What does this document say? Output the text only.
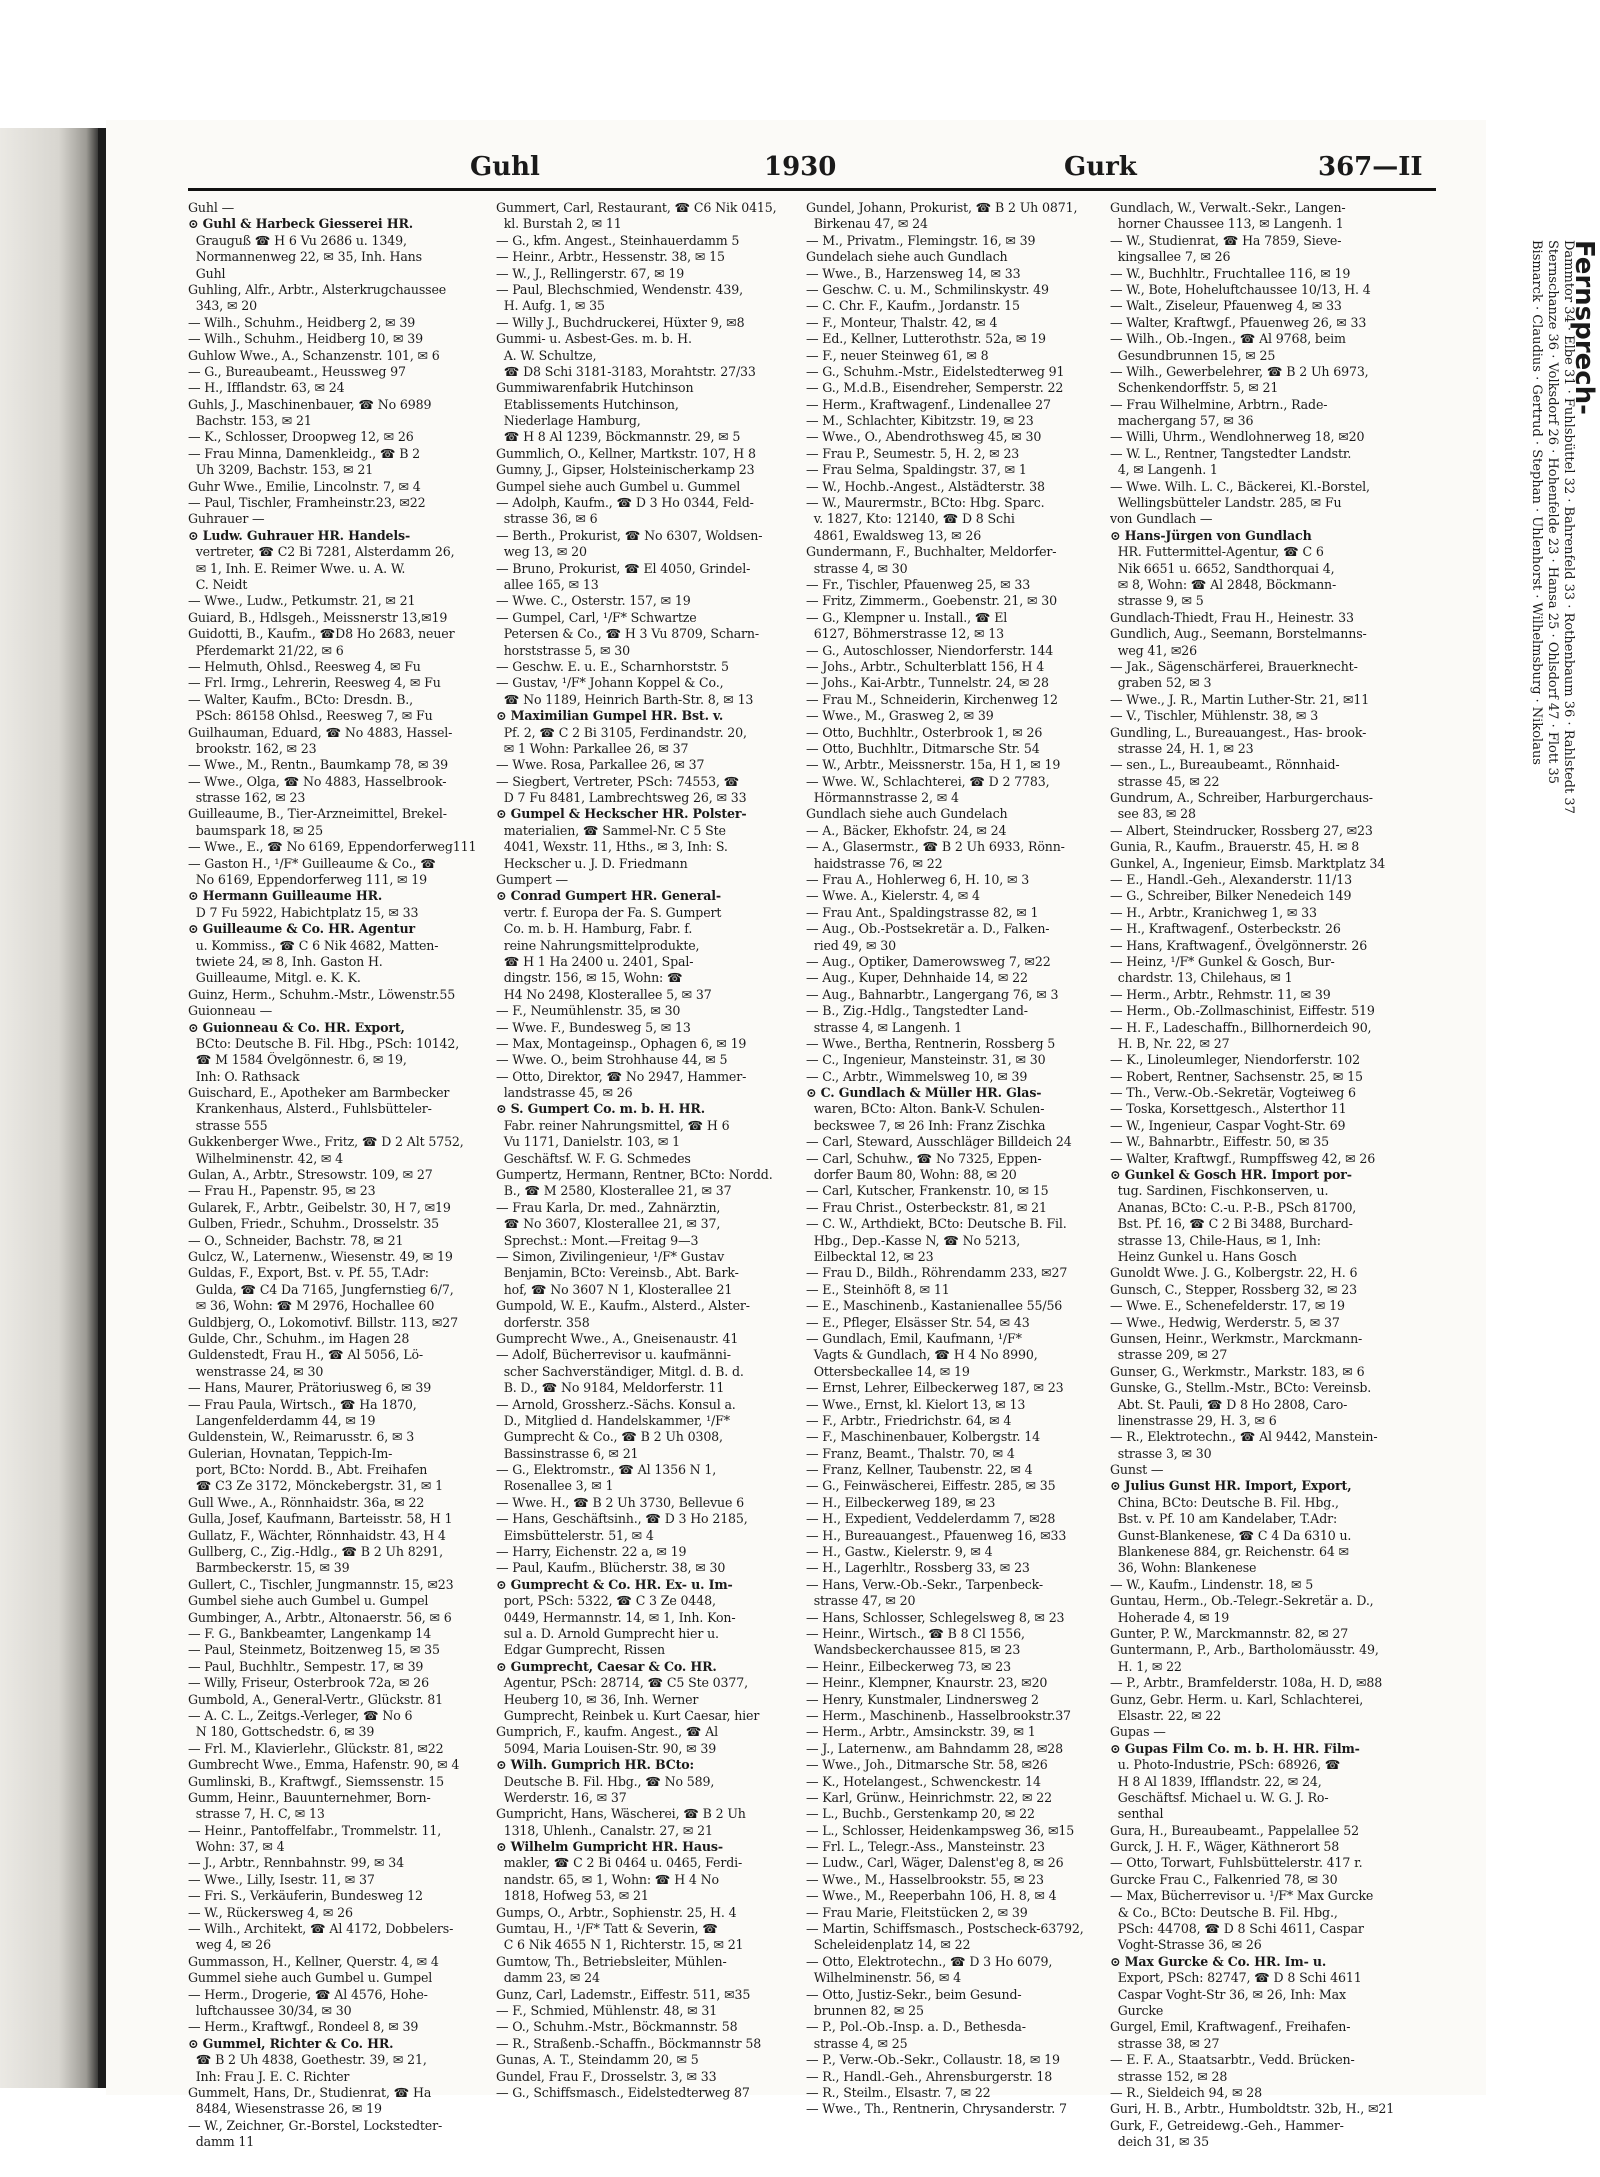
Guhl	1930	Gurk	367—II
Guhl —
⊙ Guhl & Harbeck Giesserei HR.
Grauguß ☎ H 6 Vu 2686 u. 1349,
Normannenweg 22, ✉ 35, Inh. Hans
Guhl
Guhling, Alfr., Arbtr., Alsterkrugchaussee
343, ✉ 20
— Wilh., Schuhm., Heidberg 2, ✉ 39
— Wilh., Schuhm., Heidberg 10, ✉ 39
Guhlow Wwe., A., Schanzenstr. 101, ✉ 6
— G., Bureaubeamt., Heussweg 97
— H., Ifflandstr. 63, ✉ 24
Guhls, J., Maschinenbauer, ☎ No 6989
Bachstr. 153, ✉ 21
— K., Schlosser, Droopweg 12, ✉ 26
— Frau Minna, Damenkleidg., ☎ B 2
Uh 3209, Bachstr. 153, ✉ 21
Guhr Wwe., Emilie, Lincolnstr. 7, ✉ 4
— Paul, Tischler, Framheinstr.23, ✉22
Guhrauer —
⊙ Ludw. Guhrauer HR. Handels-
vertreter, ☎ C2 Bi 7281, Alsterdamm 26,
✉ 1, Inh. E. Reimer Wwe. u. A. W.
C. Neidt
— Wwe., Ludw., Petkumstr. 21, ✉ 21
Guiard, B., Hdlsgeh., Meissnerstr 13,✉19
Guidotti, B., Kaufm., ☎D8 Ho 2683, neuer
Pferdemarkt 21/22, ✉ 6
— Helmuth, Ohlsd., Reesweg 4, ✉ Fu
— Frl. Irmg., Lehrerin, Reesweg 4, ✉ Fu
— Walter, Kaufm., BCto: Dresdn. B.,
PSch: 86158 Ohlsd., Reesweg 7, ✉ Fu
Guilhauman, Eduard, ☎ No 4883, Hassel-
brookstr. 162, ✉ 23
— Wwe., M., Rentn., Baumkamp 78, ✉ 39
— Wwe., Olga, ☎ No 4883, Hasselbrook-
strasse 162, ✉ 23
Guilleaume, B., Tier-Arzneimittel, Brekel-
baumspark 18, ✉ 25
— Wwe., E., ☎ No 6169, Eppendorferweg111
— Gaston H., ¹/F* Guilleaume & Co., ☎
No 6169, Eppendorferweg 111, ✉ 19
⊙ Hermann Guilleaume HR.
D 7 Fu 5922, Habichtplatz 15, ✉ 33
⊙ Guilleaume & Co. HR. Agentur
u. Kommiss., ☎ C 6 Nik 4682, Matten-
twiete 24, ✉ 8, Inh. Gaston H.
Guilleaume, Mitgl. e. K. K.
Guinz, Herm., Schuhm.-Mstr., Löwenstr.55
Guionneau —
⊙ Guionneau & Co. HR. Export,
BCto: Deutsche B. Fil. Hbg., PSch: 10142,
☎ M 1584 Övelgönnestr. 6, ✉ 19,
Inh: O. Rathsack
Guischard, E., Apotheker am Barmbecker
Krankenhaus, Alsterd., Fuhlsbütteler-
strasse 555
Gukkenberger Wwe., Fritz, ☎ D 2 Alt 5752,
Wilhelminenstr. 42, ✉ 4
Gulan, A., Arbtr., Stresowstr. 109, ✉ 27
— Frau H., Papenstr. 95, ✉ 23
Gularek, F., Arbtr., Geibelstr. 30, H 7, ✉19
Gulben, Friedr., Schuhm., Drosselstr. 35
— O., Schneider, Bachstr. 78, ✉ 21
Gulcz, W., Laternenw., Wiesenstr. 49, ✉ 19
Guldas, F., Export, Bst. v. Pf. 55, T.Adr:
Gulda, ☎ C4 Da 7165, Jungfernstieg 6/7,
✉ 36, Wohn: ☎ M 2976, Hochallee 60
Guldbjerg, O., Lokomotivf. Billstr. 113, ✉27
Gulde, Chr., Schuhm., im Hagen 28
Guldenstedt, Frau H., ☎ Al 5056, Lö-
wenstrasse 24, ✉ 30
— Hans, Maurer, Prätoriusweg 6, ✉ 39
— Frau Paula, Wirtsch., ☎ Ha 1870,
Langenfelderdamm 44, ✉ 19
Guldenstein, W., Reimarusstr. 6, ✉ 3
Gulerian, Hovnatan, Teppich-Im-
port, BCto: Nordd. B., Abt. Freihafen
☎ C3 Ze 3172, Mönckebergstr. 31, ✉ 1
Gull Wwe., A., Rönnhaidstr. 36a, ✉ 22
Gulla, Josef, Kaufmann, Barteisstr. 58, H 1
Gullatz, F., Wächter, Rönnhaidstr. 43, H 4
Gullberg, C., Zig.-Hdlg., ☎ B 2 Uh 8291,
Barmbeckerstr. 15, ✉ 39
Gullert, C., Tischler, Jungmannstr. 15, ✉23
Gumbel siehe auch Gumbel u. Gumpel
Gumbinger, A., Arbtr., Altonaerstr. 56, ✉ 6
— F. G., Bankbeamter, Langenkamp 14
— Paul, Steinmetz, Boitzenweg 15, ✉ 35
— Paul, Buchhltr., Sempestr. 17, ✉ 39
— Willy, Friseur, Osterbrook 72a, ✉ 26
Gumbold, A., General-Vertr., Glückstr. 81
— A. C. L., Zeitgs.-Verleger, ☎ No 6
N 180, Gottschedstr. 6, ✉ 39
— Frl. M., Klavierlehr., Glückstr. 81, ✉22
Gumbrecht Wwe., Emma, Hafenstr. 90, ✉ 4
Gumlinski, B., Kraftwgf., Siemssenstr. 15
Gumm, Heinr., Bauunternehmer, Born-
strasse 7, H. C, ✉ 13
— Heinr., Pantoffelfabr., Trommelstr. 11,
Wohn: 37, ✉ 4
— J., Arbtr., Rennbahnstr. 99, ✉ 34
— Wwe., Lilly, Isestr. 11, ✉ 37
— Fri. S., Verkäuferin, Bundesweg 12
— W., Rückersweg 4, ✉ 26
— Wilh., Architekt, ☎ Al 4172, Dobbelers-
weg 4, ✉ 26
Gummasson, H., Kellner, Querstr. 4, ✉ 4
Gummel siehe auch Gumbel u. Gumpel
— Herm., Drogerie, ☎ Al 4576, Hohe-
luftchaussee 30/34, ✉ 30
— Herm., Kraftwgf., Rondeel 8, ✉ 39
⊙ Gummel, Richter & Co. HR.
☎ B 2 Uh 4838, Goethestr. 39, ✉ 21,
Inh: Frau J. E. C. Richter
Gummelt, Hans, Dr., Studienrat, ☎ Ha
8484, Wiesenstrasse 26, ✉ 19
— W., Zeichner, Gr.-Borstel, Lockstedter-
damm 11
Gummert, Carl, Restaurant, ☎ C6 Nik 0415,
kl. Burstah 2, ✉ 11
— G., kfm. Angest., Steinhauerdamm 5
— Heinr., Arbtr., Hessenstr. 38, ✉ 15
— W., J., Rellingerstr. 67, ✉ 19
— Paul, Blechschmied, Wendenstr. 439,
H. Aufg. 1, ✉ 35
— Willy J., Buchdruckerei, Hüxter 9, ✉8
Gummi- u. Asbest-Ges. m. b. H.
A. W. Schultze,
☎ D8 Schi 3181-3183, Morahtstr. 27/33
Gummiwarenfabrik Hutchinson
Etablissements Hutchinson,
Niederlage Hamburg,
☎ H 8 Al 1239, Böckmannstr. 29, ✉ 5
Gummlich, O., Kellner, Martkstr. 107, H 8
Gumny, J., Gipser, Holsteinischerkamp 23
Gumpel siehe auch Gumbel u. Gummel
— Adolph, Kaufm., ☎ D 3 Ho 0344, Feld-
strasse 36, ✉ 6
— Berth., Prokurist, ☎ No 6307, Woldsen-
weg 13, ✉ 20
— Bruno, Prokurist, ☎ El 4050, Grindel-
allee 165, ✉ 13
— Wwe. C., Osterstr. 157, ✉ 19
— Gumpel, Carl, ¹/F* Schwartze
Petersen & Co., ☎ H 3 Vu 8709, Scharn-
horststrasse 5, ✉ 30
— Geschw. E. u. E., Scharnhorststr. 5
— Gustav, ¹/F* Johann Koppel & Co.,
☎ No 1189, Heinrich Barth-Str. 8, ✉ 13
⊙ Maximilian Gumpel HR. Bst. v.
Pf. 2, ☎ C 2 Bi 3105, Ferdinandstr. 20,
✉ 1 Wohn: Parkallee 26, ✉ 37
— Wwe. Rosa, Parkallee 26, ✉ 37
— Siegbert, Vertreter, PSch: 74553, ☎
D 7 Fu 8481, Lambrechtsweg 26, ✉ 33
⊙ Gumpel & Heckscher HR. Polster-
materialien, ☎ Sammel-Nr. C 5 Ste
4041, Wexstr. 11, Hths., ✉ 3, Inh: S.
Heckscher u. J. D. Friedmann
Gumpert —
⊙ Conrad Gumpert HR. General-
vertr. f. Europa der Fa. S. Gumpert
Co. m. b. H. Hamburg, Fabr. f.
reine Nahrungsmittelprodukte,
☎ H 1 Ha 2400 u. 2401, Spal-
dingstr. 156, ✉ 15, Wohn: ☎
H4 No 2498, Klosterallee 5, ✉ 37
— F., Neumühlenstr. 35, ✉ 30
— Wwe. F., Bundesweg 5, ✉ 13
— Max, Montageinsp., Ophagen 6, ✉ 19
— Wwe. O., beim Strohhause 44, ✉ 5
— Otto, Direktor, ☎ No 2947, Hammer-
landstrasse 45, ✉ 26
⊙ S. Gumpert Co. m. b. H. HR.
Fabr. reiner Nahrungsmittel, ☎ H 6
Vu 1171, Danielstr. 103, ✉ 1
Geschäftsf. W. F. G. Schmedes
Gumpertz, Hermann, Rentner, BCto: Nordd.
B., ☎ M 2580, Klosterallee 21, ✉ 37
— Frau Karla, Dr. med., Zahnärztin,
☎ No 3607, Klosterallee 21, ✉ 37,
Sprechst.: Mont.—Freitag 9—3
— Simon, Zivilingenieur, ¹/F* Gustav
Benjamin, BCto: Vereinsb., Abt. Bark-
hof, ☎ No 3607 N 1, Klosterallee 21
Gumpold, W. E., Kaufm., Alsterd., Alster-
dorferstr. 358
Gumprecht Wwe., A., Gneisenaustr. 41
— Adolf, Bücherrevisor u. kaufmänni-
scher Sachverständiger, Mitgl. d. B. d.
B. D., ☎ No 9184, Meldorferstr. 11
— Arnold, Grossherz.-Sächs. Konsul a.
D., Mitglied d. Handelskammer, ¹/F*
Gumprecht & Co., ☎ B 2 Uh 0308,
Bassinstrasse 6, ✉ 21
— G., Elektromstr., ☎ Al 1356 N 1,
Rosenallee 3, ✉ 1
— Wwe. H., ☎ B 2 Uh 3730, Bellevue 6
— Hans, Geschäftsinh., ☎ D 3 Ho 2185,
Eimsbüttelerstr. 51, ✉ 4
— Harry, Eichenstr. 22 a, ✉ 19
— Paul, Kaufm., Blücherstr. 38, ✉ 30
⊙ Gumprecht & Co. HR. Ex- u. Im-
port, PSch: 5322, ☎ C 3 Ze 0448,
0449, Hermannstr. 14, ✉ 1, Inh. Kon-
sul a. D. Arnold Gumprecht hier u.
Edgar Gumprecht, Rissen
⊙ Gumprecht, Caesar & Co. HR.
Agentur, PSch: 28714, ☎ C5 Ste 0377,
Heuberg 10, ✉ 36, Inh. Werner
Gumprecht, Reinbek u. Kurt Caesar, hier
Gumprich, F., kaufm. Angest., ☎ Al
5094, Maria Louisen-Str. 90, ✉ 39
⊙ Wilh. Gumprich HR. BCto:
Deutsche B. Fil. Hbg., ☎ No 589,
Werderstr. 16, ✉ 37
Gumpricht, Hans, Wäscherei, ☎ B 2 Uh
1318, Uhlenh., Canalstr. 27, ✉ 21
⊙ Wilhelm Gumpricht HR. Haus-
makler, ☎ C 2 Bi 0464 u. 0465, Ferdi-
nandstr. 65, ✉ 1, Wohn: ☎ H 4 No
1818, Hofweg 53, ✉ 21
Gumps, O., Arbtr., Sophienstr. 25, H. 4
Gumtau, H., ¹/F* Tatt & Severin, ☎
C 6 Nik 4655 N 1, Richterstr. 15, ✉ 21
Gumtow, Th., Betriebsleiter, Mühlen-
damm 23, ✉ 24
Gunz, Carl, Lademstr., Eiffestr. 511, ✉35
— F., Schmied, Mühlenstr. 48, ✉ 31
— O., Schuhm.-Mstr., Böckmannstr. 58
— R., Straßenb.-Schaffn., Böckmannstr 58
Gunas, A. T., Steindamm 20, ✉ 5
Gundel, Frau F., Drosselstr. 3, ✉ 33
— G., Schiffsmasch., Eidelstedterweg 87
Gundel, Johann, Prokurist, ☎ B 2 Uh 0871,
Birkenau 47, ✉ 24
— M., Privatm., Flemingstr. 16, ✉ 39
Gundelach siehe auch Gundlach
— Wwe., B., Harzensweg 14, ✉ 33
— Geschw. C. u. M., Schmilinskystr. 49
— C. Chr. F., Kaufm., Jordanstr. 15
— F., Monteur, Thalstr. 42, ✉ 4
— Ed., Kellner, Lutterothstr. 52a, ✉ 19
— F., neuer Steinweg 61, ✉ 8
— G., Schuhm.-Mstr., Eidelstedterweg 91
— G., M.d.B., Eisendreher, Semperstr. 22
— Herm., Kraftwagenf., Lindenallee 27
— M., Schlachter, Kibitzstr. 19, ✉ 23
— Wwe., O., Abendrothsweg 45, ✉ 30
— Frau P., Seumestr. 5, H. 2, ✉ 23
— Frau Selma, Spaldingstr. 37, ✉ 1
— W., Hochb.-Angest., Alstädterstr. 38
— W., Maurermstr., BCto: Hbg. Sparc.
v. 1827, Kto: 12140, ☎ D 8 Schi
4861, Ewaldsweg 13, ✉ 26
Gundermann, F., Buchhalter, Meldorfer-
strasse 4, ✉ 30
— Fr., Tischler, Pfauenweg 25, ✉ 33
— Fritz, Zimmerm., Goebenstr. 21, ✉ 30
— G., Klempner u. Install., ☎ El
6127, Böhmerstrasse 12, ✉ 13
— G., Autoschlosser, Niendorferstr. 144
— Johs., Arbtr., Schulterblatt 156, H 4
— Johs., Kai-Arbtr., Tunnelstr. 24, ✉ 28
— Frau M., Schneiderin, Kirchenweg 12
— Wwe., M., Grasweg 2, ✉ 39
— Otto, Buchhltr., Osterbrook 1, ✉ 26
— Otto, Buchhltr., Ditmarsche Str. 54
— W., Arbtr., Meissnerstr. 15a, H 1, ✉ 19
— Wwe. W., Schlachterei, ☎ D 2 7783,
Hörmannstrasse 2, ✉ 4
Gundlach siehe auch Gundelach
— A., Bäcker, Ekhofstr. 24, ✉ 24
— A., Glasermstr., ☎ B 2 Uh 6933, Rönn-
haidstrasse 76, ✉ 22
— Frau A., Hohlerweg 6, H. 10, ✉ 3
— Wwe. A., Kielerstr. 4, ✉ 4
— Frau Ant., Spaldingstrasse 82, ✉ 1
— Aug., Ob.-Postsekretär a. D., Falken-
ried 49, ✉ 30
— Aug., Optiker, Damerowsweg 7, ✉22
— Aug., Kuper, Dehnhaide 14, ✉ 22
— Aug., Bahnarbtr., Langergang 76, ✉ 3
— B., Zig.-Hdlg., Tangstedter Land-
strasse 4, ✉ Langenh. 1
— Wwe., Bertha, Rentnerin, Rossberg 5
— C., Ingenieur, Mansteinstr. 31, ✉ 30
— C., Arbtr., Wimmelsweg 10, ✉ 39
⊙ C. Gundlach & Müller HR. Glas-
waren, BCto: Alton. Bank-V. Schulen-
beckswee 7, ✉ 26 Inh: Franz Zischka
— Carl, Steward, Ausschläger Billdeich 24
— Carl, Schuhw., ☎ No 7325, Eppen-
dorfer Baum 80, Wohn: 88, ✉ 20
— Carl, Kutscher, Frankenstr. 10, ✉ 15
— Frau Christ., Osterbeckstr. 81, ✉ 21
— C. W., Arthdiekt, BCto: Deutsche B. Fil.
Hbg., Dep.-Kasse N, ☎ No 5213,
Eilbecktal 12, ✉ 23
— Frau D., Bildh., Röhrendamm 233, ✉27
— E., Steinhöft 8, ✉ 11
— E., Maschinenb., Kastanienallee 55/56
— E., Pfleger, Elsässer Str. 54, ✉ 43
— Gundlach, Emil, Kaufmann, ¹/F*
Vagts & Gundlach, ☎ H 4 No 8990,
Ottersbeckallee 14, ✉ 19
— Ernst, Lehrer, Eilbeckerweg 187, ✉ 23
— Wwe., Ernst, kl. Kielort 13, ✉ 13
— F., Arbtr., Friedrichstr. 64, ✉ 4
— F., Maschinenbauer, Kolbergstr. 14
— Franz, Beamt., Thalstr. 70, ✉ 4
— Franz, Kellner, Taubenstr. 22, ✉ 4
— G., Feinwäscherei, Eiffestr. 285, ✉ 35
— H., Eilbeckerweg 189, ✉ 23
— H., Expedient, Veddelerdamm 7, ✉28
— H., Bureauangest., Pfauenweg 16, ✉33
— H., Gastw., Kielerstr. 9, ✉ 4
— H., Lagerhltr., Rossberg 33, ✉ 23
— Hans, Verw.-Ob.-Sekr., Tarpenbeck-
strasse 47, ✉ 20
— Hans, Schlosser, Schlegelsweg 8, ✉ 23
— Heinr., Wirtsch., ☎ B 8 Cl 1556,
Wandsbeckerchaussee 815, ✉ 23
— Heinr., Eilbeckerweg 73, ✉ 23
— Heinr., Klempner, Knaurstr. 23, ✉20
— Henry, Kunstmaler, Lindnersweg 2
— Herm., Maschinenb., Hasselbrookstr.37
— Herm., Arbtr., Amsinckstr. 39, ✉ 1
— J., Laternenw., am Bahndamm 28, ✉28
— Wwe., Joh., Ditmarsche Str. 58, ✉26
— K., Hotelangest., Schwenckestr. 14
— Karl, Grünw., Heinrichmstr. 22, ✉ 22
— L., Buchb., Gerstenkamp 20, ✉ 22
— L., Schlosser, Heidenkampsweg 36, ✉15
— Frl. L., Telegr.-Ass., Mansteinstr. 23
— Ludw., Carl, Wäger, Dalenst'eg 8, ✉ 26
— Wwe., M., Hasselbrookstr. 55, ✉ 23
— Wwe., M., Reeperbahn 106, H. 8, ✉ 4
— Frau Marie, Fleitstücken 2, ✉ 39
— Martin, Schiffsmasch., Postscheck-63792,
Scheleidenplatz 14, ✉ 22
— Otto, Elektrotechn., ☎ D 3 Ho 6079,
Wilhelminenstr. 56, ✉ 4
— Otto, Justiz-Sekr., beim Gesund-
brunnen 82, ✉ 25
— P., Pol.-Ob.-Insp. a. D., Bethesda-
strasse 4, ✉ 25
— P., Verw.-Ob.-Sekr., Collaustr. 18, ✉ 19
— R., Handl.-Geh., Ahrensburgerstr. 18
— R., Steilm., Elsastr. 7, ✉ 22
— Wwe., Th., Rentnerin, Chrysanderstr. 7
Gundlach, W., Verwalt.-Sekr., Langen-
horner Chaussee 113, ✉ Langenh. 1
— W., Studienrat, ☎ Ha 7859, Sieve-
kingsallee 7, ✉ 26
— W., Buchhltr., Fruchtallee 116, ✉ 19
— W., Bote, Hoheluftchaussee 10/13, H. 4
— Walt., Ziseleur, Pfauenweg 4, ✉ 33
— Walter, Kraftwgf., Pfauenweg 26, ✉ 33
— Wilh., Ob.-Ingen., ☎ Al 9768, beim
Gesundbrunnen 15, ✉ 25
— Wilh., Gewerbelehrer, ☎ B 2 Uh 6973,
Schenkendorffstr. 5, ✉ 21
— Frau Wilhelmine, Arbtrn., Rade-
machergang 57, ✉ 36
— Willi, Uhrm., Wendlohnerweg 18, ✉20
— W. L., Rentner, Tangstedter Landstr.
4, ✉ Langenh. 1
— Wwe. Wilh. L. C., Bäckerei, Kl.-Borstel,
Wellingsbütteler Landstr. 285, ✉ Fu
von Gundlach —
⊙ Hans-Jürgen von Gundlach
HR. Futtermittel-Agentur, ☎ C 6
Nik 6651 u. 6652, Sandthorquai 4,
✉ 8, Wohn: ☎ Al 2848, Böckmann-
strasse 9, ✉ 5
Gundlach-Thiedt, Frau H., Heinestr. 33
Gundlich, Aug., Seemann, Borstelmanns-
weg 41, ✉26
— Jak., Sägenschärferei, Brauerknecht-
graben 52, ✉ 3
— Wwe., J. R., Martin Luther-Str. 21, ✉11
— V., Tischler, Mühlenstr. 38, ✉ 3
Gundling, L., Bureauangest., Has- brook-
strasse 24, H. 1, ✉ 23
— sen., L., Bureaubeamt., Rönnhaid-
strasse 45, ✉ 22
Gundrum, A., Schreiber, Harburgerchaus-
see 83, ✉ 28
— Albert, Steindrucker, Rossberg 27, ✉23
Gunia, R., Kaufm., Brauerstr. 45, H. ✉ 8
Gunkel, A., Ingenieur, Eimsb. Marktplatz 34
— E., Handl.-Geh., Alexanderstr. 11/13
— G., Schreiber, Bilker Nenedeich 149
— H., Arbtr., Kranichweg 1, ✉ 33
— H., Kraftwagenf., Osterbeckstr. 26
— Hans, Kraftwagenf., Övelgönnerstr. 26
— Heinz, ¹/F* Gunkel & Gosch, Bur-
chardstr. 13, Chilehaus, ✉ 1
— Herm., Arbtr., Rehmstr. 11, ✉ 39
— Herm., Ob.-Zollmaschinist, Eiffestr. 519
— H. F., Ladeschaffn., Billhornerdeich 90,
H. B, Nr. 22, ✉ 27
— K., Linoleumleger, Niendorferstr. 102
— Robert, Rentner, Sachsenstr. 25, ✉ 15
— Th., Verw.-Ob.-Sekretär, Vogteiweg 6
— Toska, Korsettgesch., Alsterthor 11
— W., Ingenieur, Caspar Voght-Str. 69
— W., Bahnarbtr., Eiffestr. 50, ✉ 35
— Walter, Kraftwgf., Rumpffsweg 42, ✉ 26
⊙ Gunkel & Gosch HR. Import por-
tug. Sardinen, Fischkonserven, u.
Ananas, BCto: C.-u. P.-B., PSch 81700,
Bst. Pf. 16, ☎ C 2 Bi 3488, Burchard-
strasse 13, Chile-Haus, ✉ 1, Inh:
Heinz Gunkel u. Hans Gosch
Gunoldt Wwe. J. G., Kolbergstr. 22, H. 6
Gunsch, C., Stepper, Rossberg 32, ✉ 23
— Wwe. E., Schenefelderstr. 17, ✉ 19
— Wwe., Hedwig, Werderstr. 5, ✉ 37
Gunsen, Heinr., Werkmstr., Marckmann-
strasse 209, ✉ 27
Gunser, G., Werkmstr., Markstr. 183, ✉ 6
Gunske, G., Stellm.-Mstr., BCto: Vereinsb.
Abt. St. Pauli, ☎ D 8 Ho 2808, Caro-
linenstrasse 29, H. 3, ✉ 6
— R., Elektrotechn., ☎ Al 9442, Manstein-
strasse 3, ✉ 30
Gunst —
⊙ Julius Gunst HR. Import, Export,
China, BCto: Deutsche B. Fil. Hbg.,
Bst. v. Pf. 10 am Kandelaber, T.Adr:
Gunst-Blankenese, ☎ C 4 Da 6310 u.
Blankenese 884, gr. Reichenstr. 64 ✉
36, Wohn: Blankenese
— W., Kaufm., Lindenstr. 18, ✉ 5
Guntau, Herm., Ob.-Telegr.-Sekretär a. D.,
Hoherade 4, ✉ 19
Gunter, P. W., Marckmannstr. 82, ✉ 27
Guntermann, P., Arb., Bartholomäusstr. 49,
H. 1, ✉ 22
— P., Arbtr., Bramfelderstr. 108a, H. D, ✉88
Gunz, Gebr. Herm. u. Karl, Schlachterei,
Elsastr. 22, ✉ 22
Gupas —
⊙ Gupas Film Co. m. b. H. HR. Film-
u. Photo-Industrie, PSch: 68926, ☎
H 8 Al 1839, Ifflandstr. 22, ✉ 24,
Geschäftsf. Michael u. W. G. J. Ro-
senthal
Gura, H., Bureaubeamt., Pappelallee 52
Gurck, J. H. F., Wäger, Käthnerort 58
— Otto, Torwart, Fuhlsbüttelerstr. 417 r.
Gurcke Frau C., Falkenried 78, ✉ 30
— Max, Bücherrevisor u. ¹/F* Max Gurcke
& Co., BCto: Deutsche B. Fil. Hbg.,
PSch: 44708, ☎ D 8 Schi 4611, Caspar
Voght-Strasse 36, ✉ 26
⊙ Max Gurcke & Co. HR. Im- u.
Export, PSch: 82747, ☎ D 8 Schi 4611
Caspar Voght-Str 36, ✉ 26, Inh: Max
Gurcke
Gurgel, Emil, Kraftwagenf., Freihafen-
strasse 38, ✉ 27
— E. F. A., Staatsarbtr., Vedd. Brücken-
strasse 152, ✉ 28
— R., Sieldeich 94, ✉ 28
Guri, H. B., Arbtr., Humboldtstr. 32b, H., ✉21
Gurk, F., Getreidewg.-Geh., Hammer-
deich 31, ✉ 35
Fernsprech-
Dammtor 34 · Elbe 31 · Fuhlsbüttel 32 · Bahrenfeld 33 · Rothenbaum 36 · Rahlstedt 37
Sternschanze 36 · Volksdorf 26 · Hohenfelde 23 · Hansa 25 · Ohlsdorf 47 · Flott 35
Bismarck · Claudius · Gertrud · Stephan · Uhlenhorst · Wilhelmsburg · Nikolaus
